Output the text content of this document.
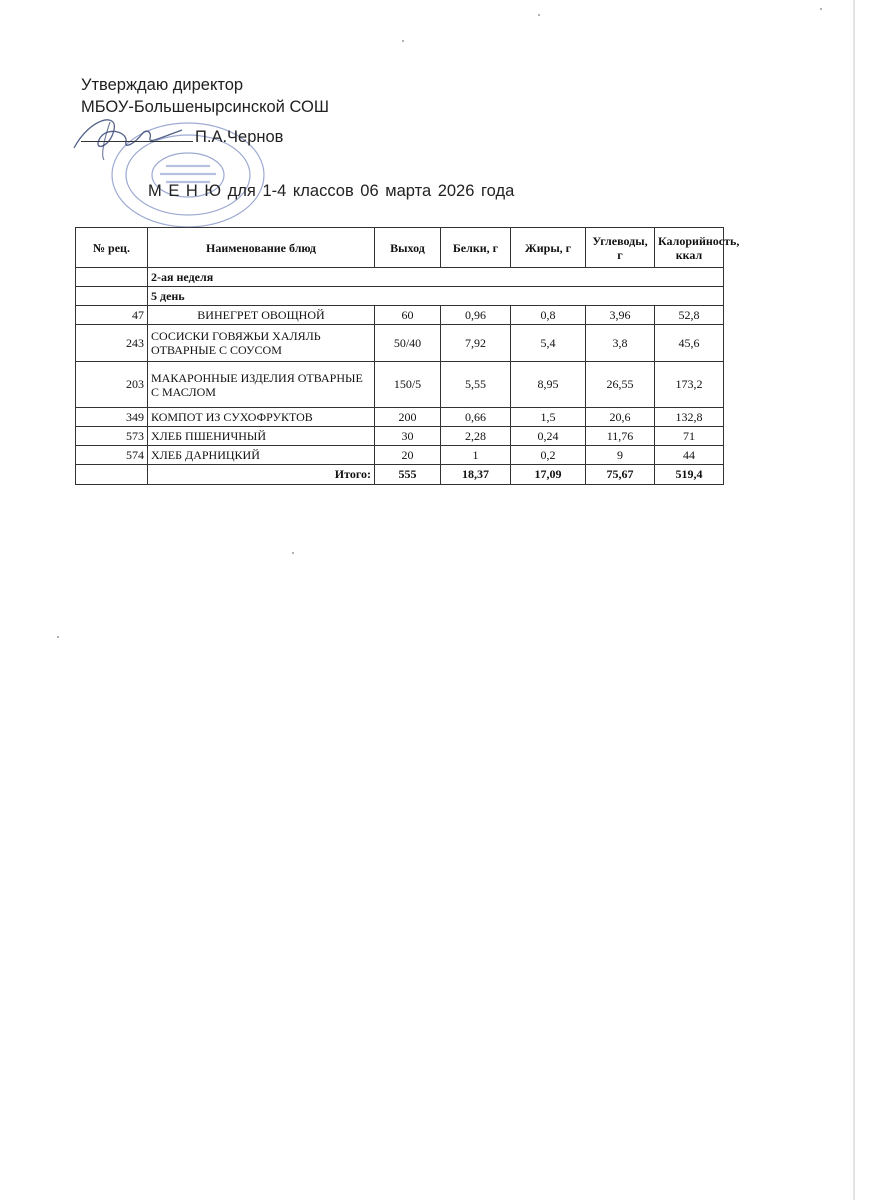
Утверждаю директор
МБОУ-Большенырсинской СОШ
П.А.Чернов
М Е Н Ю для 1-4 классов 06 марта 2026 года
№ рец.	Наименование блюд	Выход	Белки, г	Жиры, г	Углеводы, г	Калорийность, ккал
	2-ая неделя					
	5 день					
47	ВИНЕГРЕТ ОВОЩНОЙ	60	0,96	0,8	3,96	52,8
243	СОСИСКИ ГОВЯЖЬИ ХАЛЯЛЬ ОТВАРНЫЕ С СОУСОМ	50/40	7,92	5,4	3,8	45,6
203	МАКАРОННЫЕ ИЗДЕЛИЯ ОТВАРНЫЕ С МАСЛОМ	150/5	5,55	8,95	26,55	173,2
349	КОМПОТ ИЗ СУХОФРУКТОВ	200	0,66	1,5	20,6	132,8
573	ХЛЕБ ПШЕНИЧНЫЙ	30	2,28	0,24	11,76	71
574	ХЛЕБ ДАРНИЦКИЙ	20	1	0,2	9	44
	Итого:	555	18,37	17,09	75,67	519,4
